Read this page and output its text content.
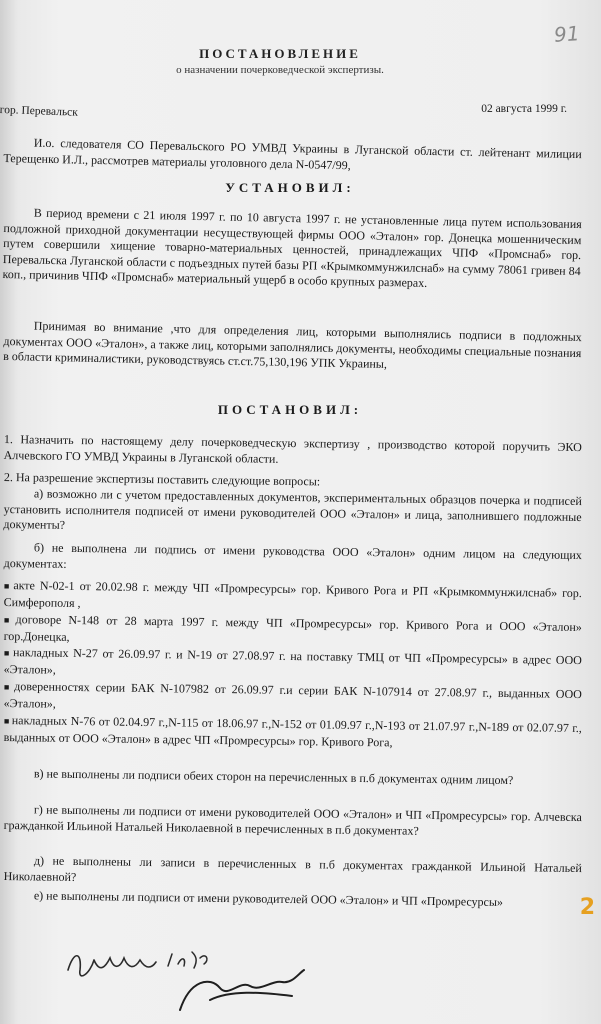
91
ПОСТАНОВЛЕНИЕ
о назначении почерковедческой экспертизы.
гор. Перевальск	02 августа 1999 г.
И.о. следователя СО Перевальского РО УМВД Украины в Луганской области ст. лейтенант милиции Терещенко И.Л., рассмотрев материалы уголовного дела N-0547/99,
УСТАНОВИЛ:
В период времени с 21 июля 1997 г. по 10 августа 1997 г. не установленные лица путем использования подложной приходной документации несуществующей фирмы ООО «Эталон» гор. Донецка мошенническим путем совершили хищение товарно-материальных ценностей, принадлежащих ЧПФ «Промснаб» гор. Перевальска Луганской области с подъездных путей базы РП «Крымкоммунжилснаб» на сумму 78061 гривен 84 коп., причинив ЧПФ «Промснаб» материальный ущерб в особо крупных размерах.
Принимая во внимание ,что для определения лиц, которыми выполнялись подписи в подложных документах ООО «Эталон», а также лиц, которыми заполнялись документы, необходимы специальные познания в области криминалистики, руководствуясь ст.ст.75,130,196 УПК Украины,
ПОСТАНОВИЛ:
1. Назначить по настоящему делу почерковедческую экспертизу , производство которой поручить ЭКО Алчевского ГО УМВД Украины в Луганской области.
2. На разрешение экспертизы поставить следующие вопросы:
а) возможно ли с учетом предоставленных документов, экспериментальных образцов почерка и подписей установить исполнителя подписей от имени руководителей ООО «Эталон» и лица, заполнившего подложные документы?
б) не выполнена ли подпись от имени руководства ООО «Эталон» одним лицом на следующих документах:
■ акте N-02-1 от 20.02.98 г. между ЧП «Промресурсы» гор. Кривого Рога и РП «Крымкоммунжилснаб» гор. Симферополя ,
■ договоре N-148 от 28 марта 1997 г. между ЧП «Промресурсы» гор. Кривого Рога и ООО «Эталон» гор.Донецка,
■ накладных N-27 от 26.09.97 г. и N-19 от 27.08.97 г. на поставку ТМЦ от ЧП «Промресурсы» в адрес ООО «Эталон»,
■ доверенностях серии БАК N-107982 от 26.09.97 г.и серии БАК N-107914 от 27.08.97 г., выданных ООО «Эталон»,
■ накладных N-76 от 02.04.97 г.,N-115 от 18.06.97 г.,N-152 от 01.09.97 г.,N-193 от 21.07.97 г.,N-189 от 02.07.97 г., выданных от ООО «Эталон» в адрес ЧП «Промресурсы» гор. Кривого Рога,
в) не выполнены ли подписи обеих сторон на перечисленных в п.б документах одним лицом?
г) не выполнены ли подписи от имени руководителей ООО «Эталон» и ЧП «Промресурсы» гор. Алчевска гражданкой Ильиной Натальей Николаевной в перечисленных в п.б документах?
д) не выполнены ли записи в перечисленных в п.б документах гражданкой Ильиной Натальей Николаевной?
е) не выполнены ли подписи от имени руководителей ООО «Эталон» и ЧП «Промресурсы»	2
